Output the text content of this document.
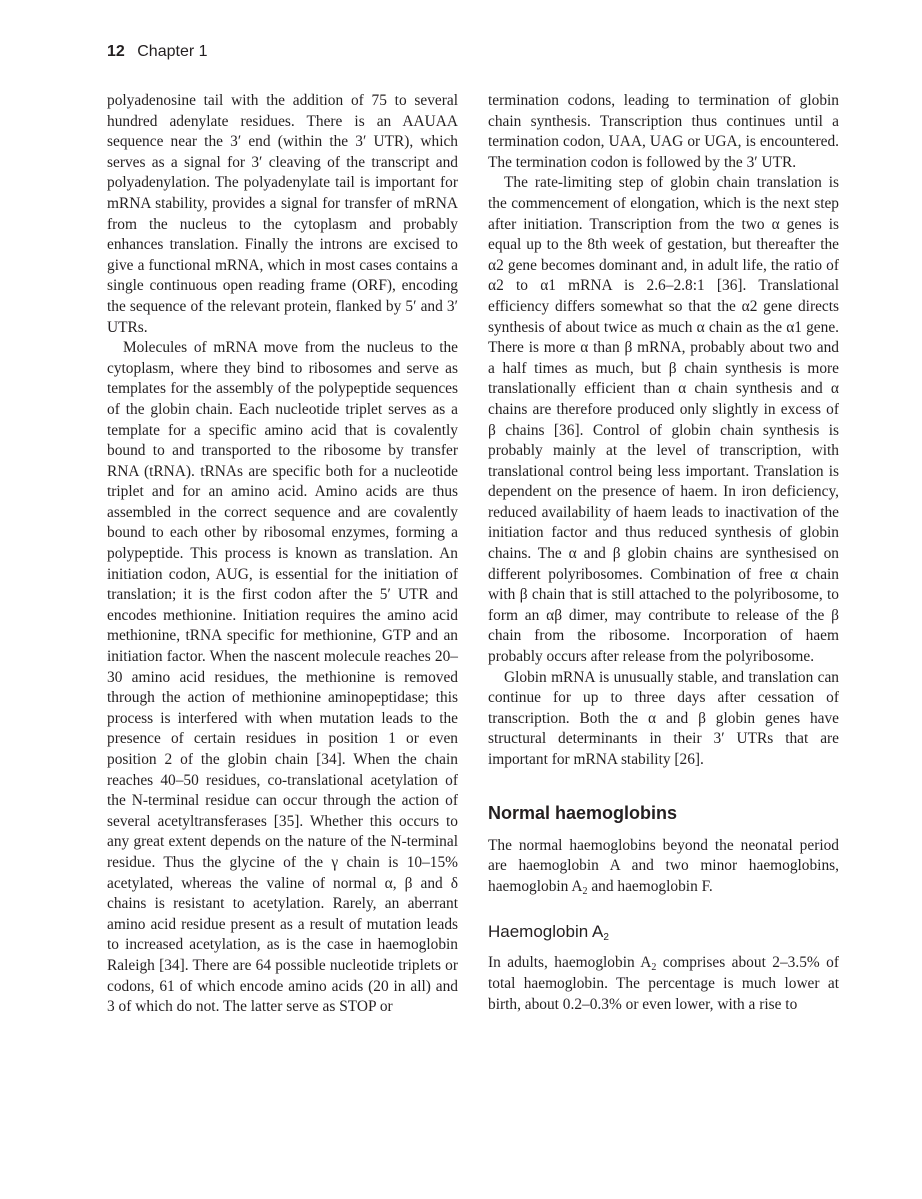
12 Chapter 1

polyadenosine tail with the addition of 75 to several hundred adenylate residues. There is an AAUAA sequence near the 3′ end (within the 3′ UTR), which serves as a signal for 3′ cleaving of the transcript and polyadenylation. The polyadenylate tail is important for mRNA stability, provides a signal for transfer of mRNA from the nucleus to the cytoplasm and probably enhances translation. Finally the introns are excised to give a functional mRNA, which in most cases contains a single continuous open reading frame (ORF), encoding the sequence of the relevant protein, flanked by 5′ and 3′ UTRs.

Molecules of mRNA move from the nucleus to the cytoplasm, where they bind to ribosomes and serve as templates for the assembly of the polypeptide sequences of the globin chain. Each nucleotide triplet serves as a template for a specific amino acid that is covalently bound to and transported to the ribosome by transfer RNA (tRNA). tRNAs are specific both for a nucleotide triplet and for an amino acid. Amino acids are thus assembled in the correct sequence and are covalently bound to each other by ribosomal enzymes, forming a polypeptide. This process is known as translation. An initiation codon, AUG, is essential for the initiation of translation; it is the first codon after the 5′ UTR and encodes methionine. Initiation requires the amino acid methionine, tRNA specific for methionine, GTP and an initiation factor. When the nascent molecule reaches 20–30 amino acid residues, the methionine is removed through the action of methionine aminopeptidase; this process is interfered with when mutation leads to the presence of certain residues in position 1 or even position 2 of the globin chain [34]. When the chain reaches 40–50 residues, co-translational acetylation of the N-terminal residue can occur through the action of several acetyltransferases [35]. Whether this occurs to any great extent depends on the nature of the N-terminal residue. Thus the glycine of the γ chain is 10–15% acetylated, whereas the valine of normal α, β and δ chains is resistant to acetylation. Rarely, an aberrant amino acid residue present as a result of mutation leads to increased acetylation, as is the case in haemoglobin Raleigh [34]. There are 64 possible nucleotide triplets or codons, 61 of which encode amino acids (20 in all) and 3 of which do not. The latter serve as STOP or

termination codons, leading to termination of globin chain synthesis. Transcription thus continues until a termination codon, UAA, UAG or UGA, is encountered. The termination codon is followed by the 3′ UTR.

The rate-limiting step of globin chain translation is the commencement of elongation, which is the next step after initiation. Transcription from the two α genes is equal up to the 8th week of gestation, but thereafter the α2 gene becomes dominant and, in adult life, the ratio of α2 to α1 mRNA is 2.6–2.8:1 [36]. Translational efficiency differs somewhat so that the α2 gene directs synthesis of about twice as much α chain as the α1 gene. There is more α than β mRNA, probably about two and a half times as much, but β chain synthesis is more translationally efficient than α chain synthesis and α chains are therefore produced only slightly in excess of β chains [36]. Control of globin chain synthesis is probably mainly at the level of transcription, with translational control being less important. Translation is dependent on the presence of haem. In iron deficiency, reduced availability of haem leads to inactivation of the initiation factor and thus reduced synthesis of globin chains. The α and β globin chains are synthesised on different polyribosomes. Combination of free α chain with β chain that is still attached to the polyribosome, to form an αβ dimer, may contribute to release of the β chain from the ribosome. Incorporation of haem probably occurs after release from the polyribosome.

Globin mRNA is unusually stable, and translation can continue for up to three days after cessation of transcription. Both the α and β globin genes have structural determinants in their 3′ UTRs that are important for mRNA stability [26].

Normal haemoglobins

The normal haemoglobins beyond the neonatal period are haemoglobin A and two minor haemoglobins, haemoglobin $A_2$ and haemoglobin F.

Haemoglobin $A_2$

In adults, haemoglobin $A_2$ comprises about 2–3.5% of total haemoglobin. The percentage is much lower at birth, about 0.2–0.3% or even lower, with a rise to
